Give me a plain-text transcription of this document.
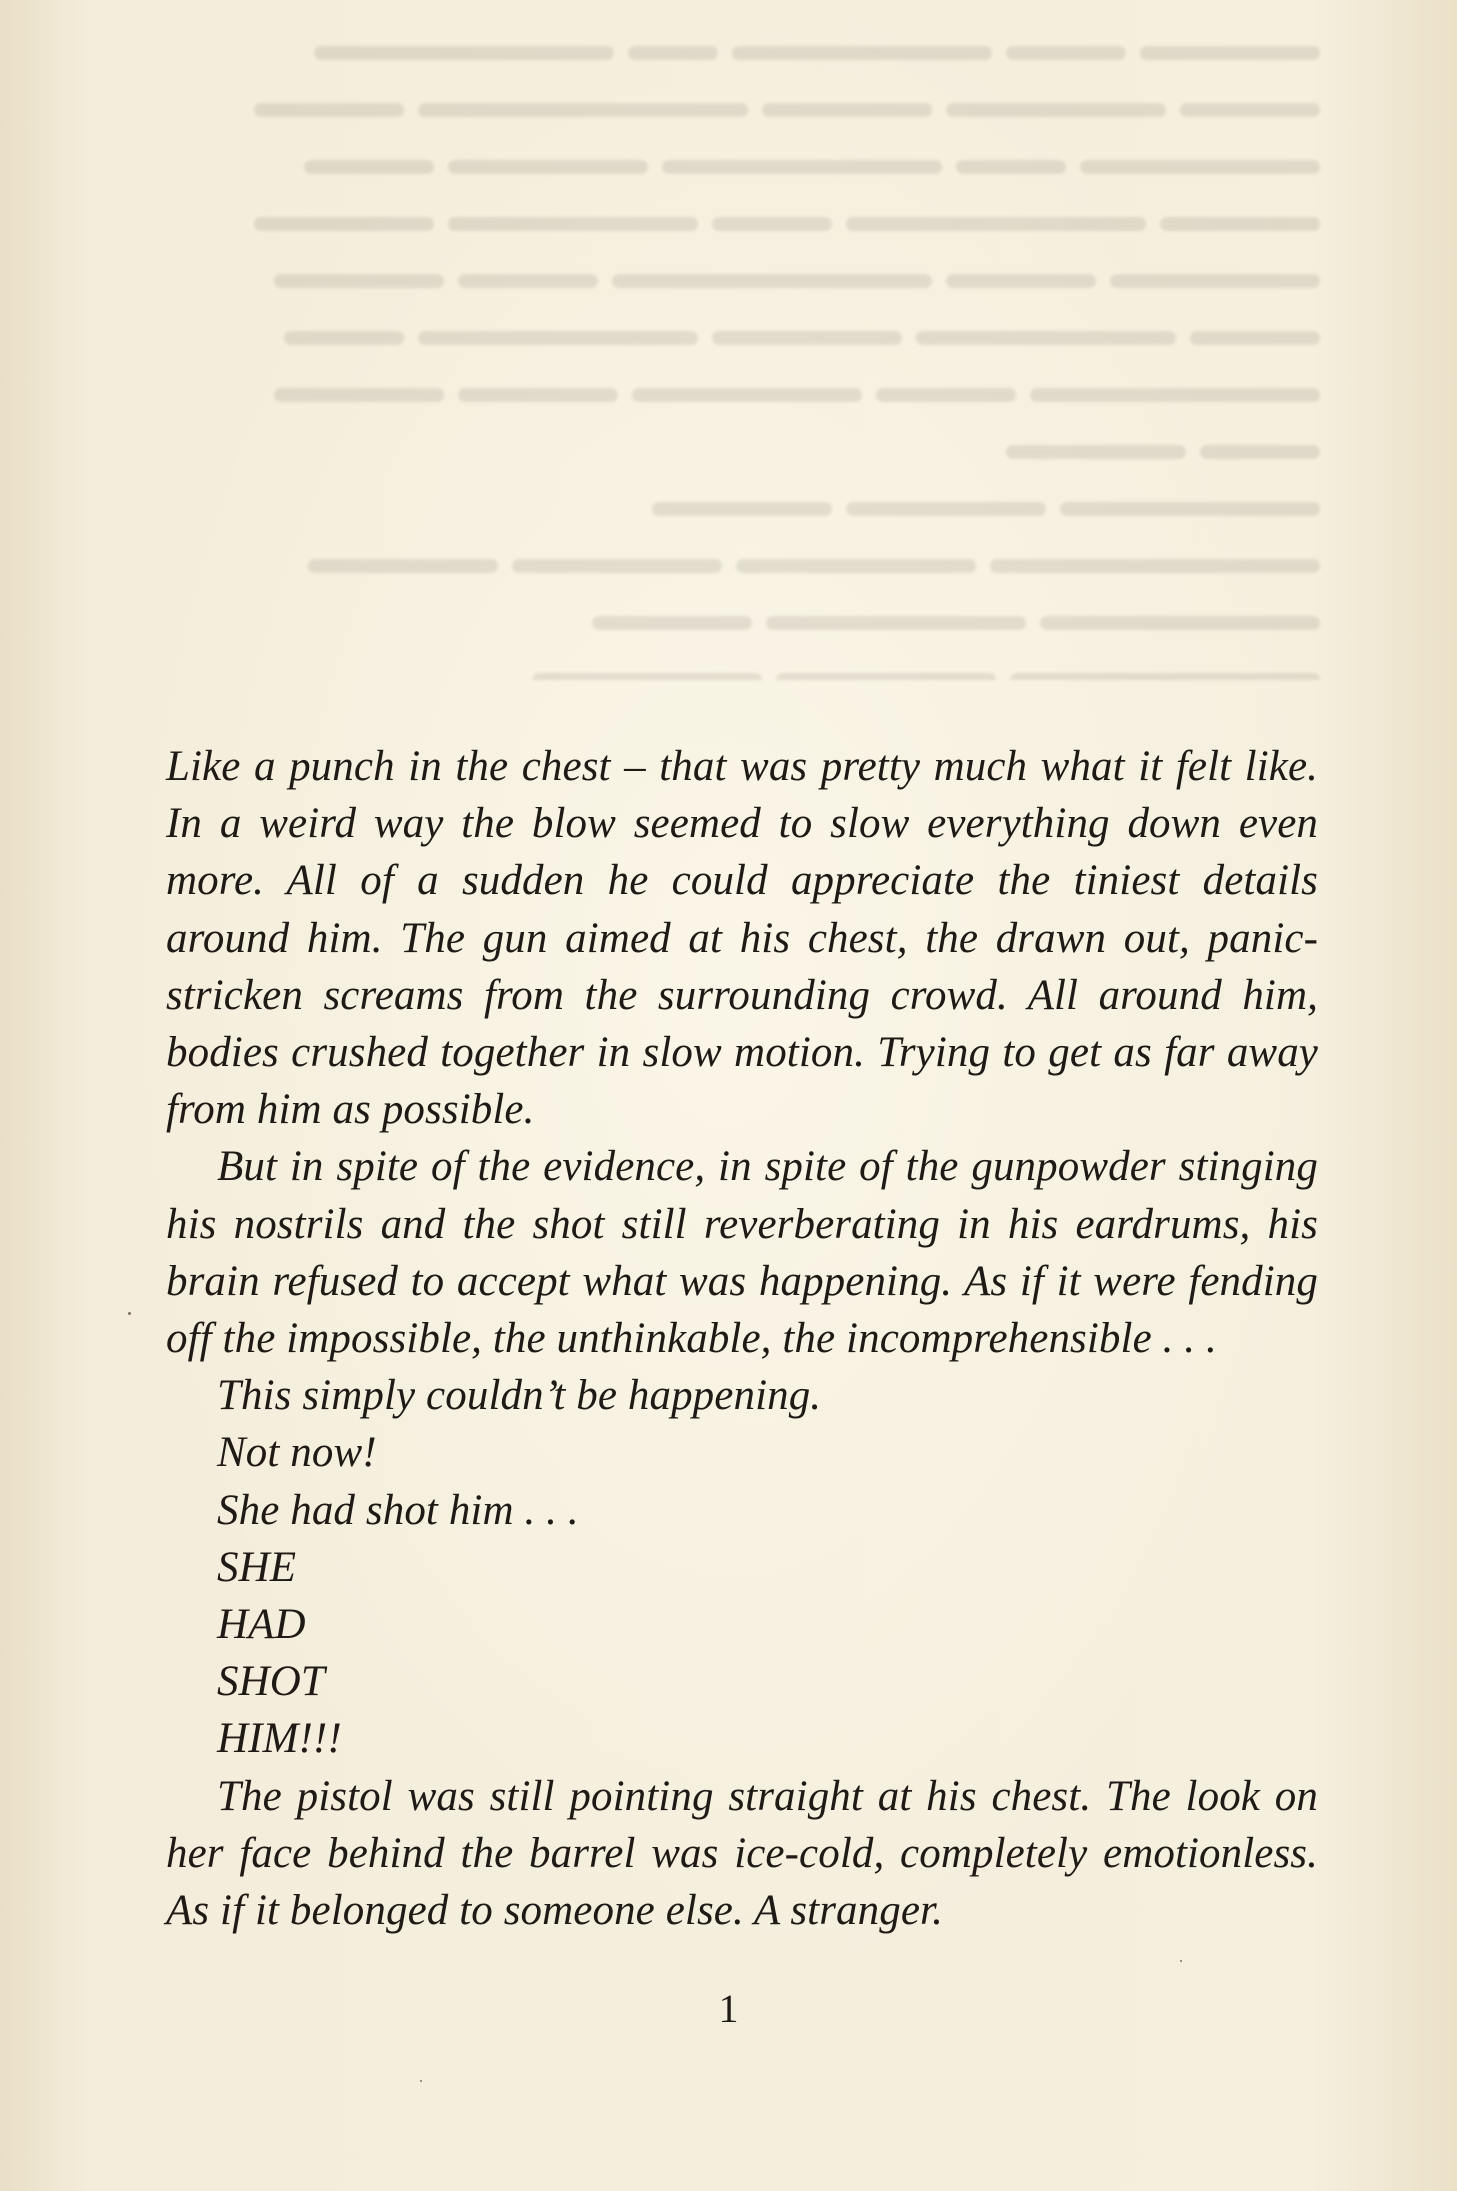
Like a punch in the chest – that was pretty much what it felt like. In a weird way the blow seemed to slow everything down even more. All of a sudden he could appreciate the tiniest details around him. The gun aimed at his chest, the drawn out, panic-stricken screams from the surrounding crowd. All around him, bodies crushed together in slow motion. Trying to get as far away from him as possible.

But in spite of the evidence, in spite of the gunpowder stinging his nostrils and the shot still reverberating in his eardrums, his brain refused to accept what was happening. As if it were fending off the impossible, the unthinkable, the incomprehensible . . .

This simply couldn’t be happening.

Not now!

She had shot him . . .

SHE

HAD

SHOT

HIM!!!

The pistol was still pointing straight at his chest. The look on her face behind the barrel was ice-cold, completely emotionless. As if it belonged to someone else. A stranger.

1
